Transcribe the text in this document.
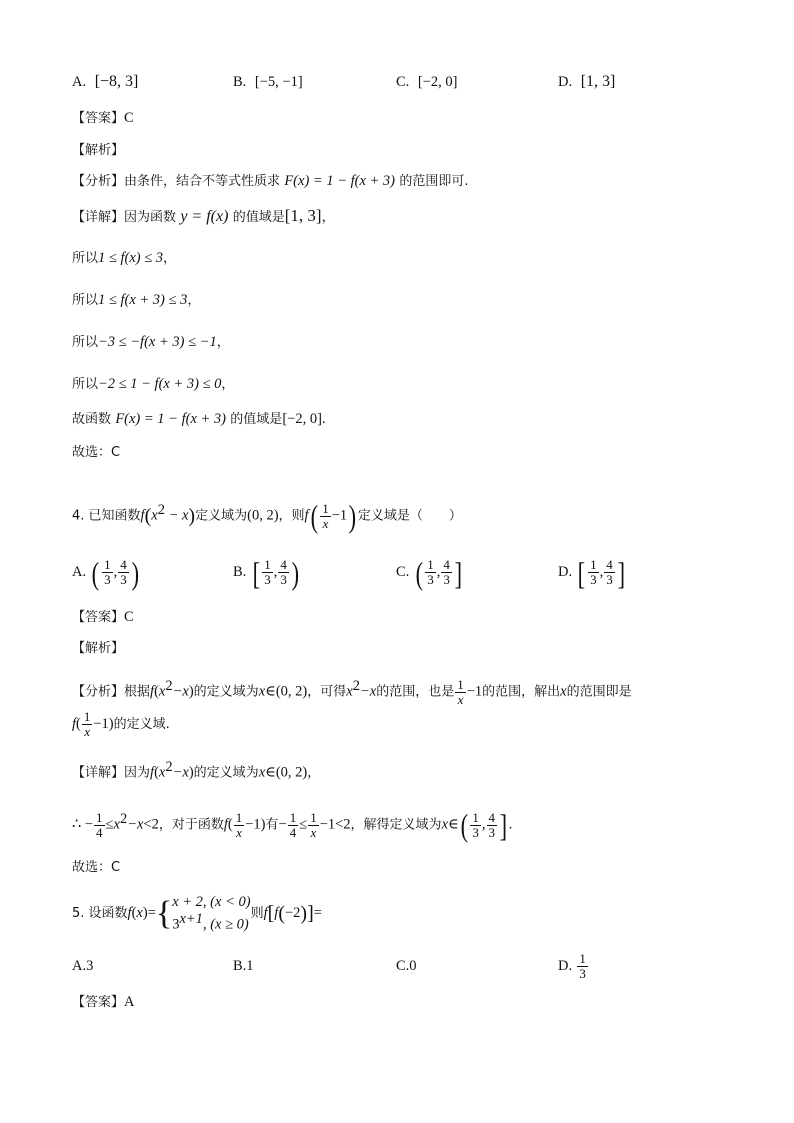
A. [−8, 3]	B. [−5, −1]	C. [−2, 0]	D. [1, 3]
【答案】C
【解析】
【分析】由条件，结合不等式性质求 F(x) = 1 − f(x + 3) 的范围即可.
【详解】因为函数 y = f(x) 的值域是[1, 3]，
所以1 ≤ f(x) ≤ 3，
所以1 ≤ f(x + 3) ≤ 3，
所以−3 ≤ −f(x + 3) ≤ −1，
所以−2 ≤ 1 − f(x + 3) ≤ 0，
故函数 F(x) = 1 − f(x + 3) 的值域是[−2, 0].
故选：C
4. 已知函数$f(x^2 - x)$定义域为(0, 2)，则$f( \frac{1}{x} -1)$ 定义域是（　　）
A. ( $\frac{1}{3}$ , $\frac{4}{3}$ )	B. [ $\frac{1}{3}$ , $\frac{4}{3}$ )	C. ( $\frac{1}{3}$ , $\frac{4}{3}$ ]	D. [ $\frac{1}{3}$ , $\frac{4}{3}$ ]
【答案】C
【解析】
【分析】根据$f(x^2-x)$的定义域为x∈(0, 2)，可得$x^2-x$的范围，也是 $\frac{1}{x} -1$的范围，解出x的范围即是
$f( \frac{1}{x} -1)$的定义域.
【详解】因为$f(x^2-x)$的定义域为x∈(0, 2)，
∴ − $\frac{1}{4} \le x^2-x<2$，对于函数$f( \frac{1}{x} -1)$有− $\frac{1}{4} \le \frac{1}{x} -1<2$，解得定义域为x∈( $\frac{1}{3}$ , $\frac{4}{3}$ ] .
故选：C
5. 设函数f(x)= { x + 2, (x < 0)
$3^{x+1}$, (x ≥ 0)
则f[f(−2)]=
A.3	B.1	C.0	D. $\frac{1}{3}$
【答案】A
